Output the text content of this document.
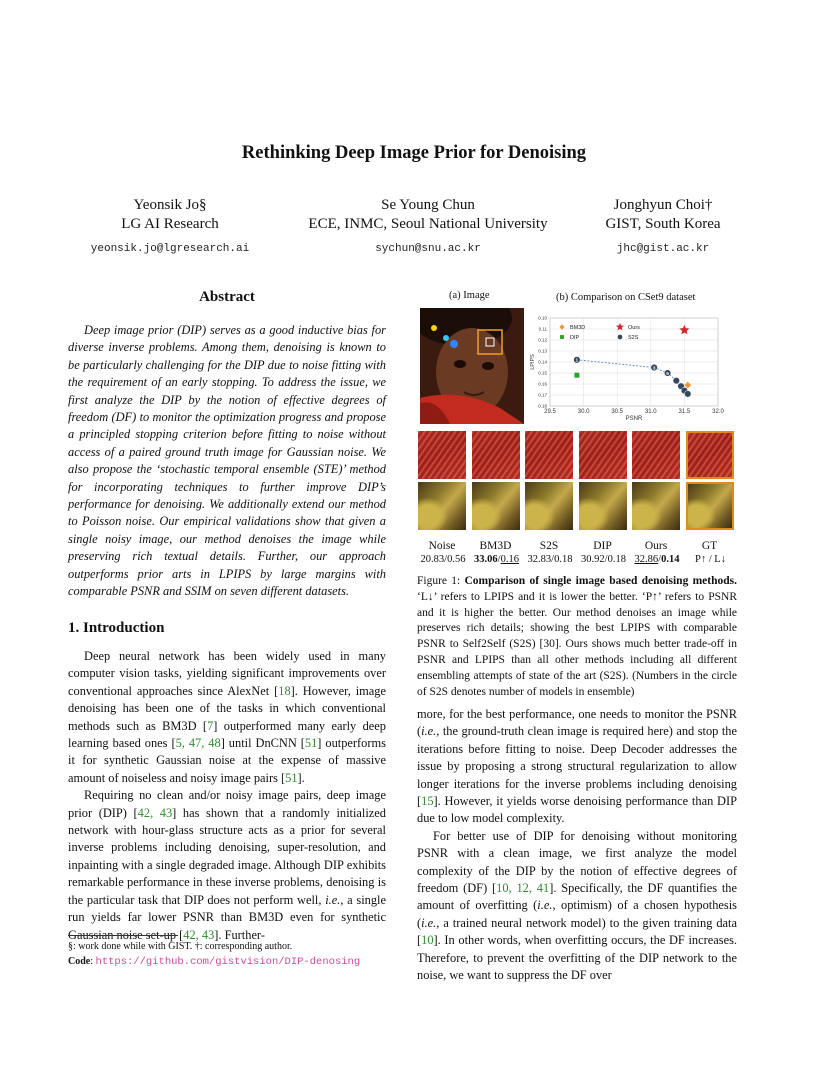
Rethinking Deep Image Prior for Denoising
Yeonsik Jo§
LG AI Research
yeonsik.jo@lgresearch.ai
Se Young Chun
ECE, INMC, Seoul National University
sychun@snu.ac.kr
Jonghyun Choi†
GIST, South Korea
jhc@gist.ac.kr
Abstract

Deep image prior (DIP) serves as a good inductive bias for diverse inverse problems. Among them, denoising is known to be particularly challenging for the DIP due to noise fitting with the requirement of an early stopping. To address the issue, we first analyze the DIP by the notion of effective degrees of freedom (DF) to monitor the optimization progress and propose a principled stopping criterion before fitting to noise without access of a paired ground truth image for Gaussian noise. We also propose the ‘stochastic temporal ensemble (STE)’ method for incorporating techniques to further improve DIP’s performance for denoising. We additionally extend our method to Poisson noise. Our empirical validations show that given a single noisy image, our method denoises the image while preserving rich textual details. Further, our approach outperforms prior arts in LPIPS by large margins with comparable PSNR and SSIM on seven different datasets.

1. Introduction

Deep neural network has been widely used in many computer vision tasks, yielding significant improvements over conventional approaches since AlexNet [18]. However, image denoising has been one of the tasks in which conventional methods such as BM3D [7] outperformed many early deep learning based ones [5, 47, 48] until DnCNN [51] outperforms it for synthetic Gaussian noise at the expense of massive amount of noiseless and noisy image pairs [51].

Requiring no clean and/or noisy image pairs, deep image prior (DIP) [42, 43] has shown that a randomly initialized network with hour-glass structure acts as a prior for several inverse problems including denoising, super-resolution, and inpainting with a single degraded image. Although DIP exhibits remarkable performance in these inverse problems, denoising is the particular task that DIP does not perform well, i.e., a single run yields far lower PSNR than BM3D even for synthetic Gaussian noise set-up [42, 43]. Further-

§: work done while with GIST. †: corresponding author.
Code: https://github.com/gistvision/DIP-denosing
(a) Image	(b) Comparison on CSet9 dataset
0.10
0.11
0.12
0.13
0.14
0.15
0.16
0.17
0.18
29.5	30.0	30.5	31.0	31.5	32.0
PSNR
LPIPS	1
3
5
BM3D	Ours
DIP	S2S
Noise
20.83/0.56
BM3D
33.06/0.16
S2S
32.83/0.18
DIP
30.92/0.18
Ours
32.86/0.14
GT
P↑ / L↓
Figure 1: Comparison of single image based denoising methods. ‘L↓’ refers to LPIPS and it is lower the better. ‘P↑’ refers to PSNR and it is higher the better. Our method denoises an image while preserves rich details; showing the best LPIPS with comparable PSNR to Self2Self (S2S) [30]. Ours shows much better trade-off in PSNR and LPIPS than all other methods including all different ensembling attempts of state of the art (S2S). (Numbers in the circle of S2S denotes number of models in ensemble)

more, for the best performance, one needs to monitor the PSNR (i.e., the ground-truth clean image is required here) and stop the iterations before fitting to noise. Deep Decoder addresses the issue by proposing a strong structural regularization to allow longer iterations for the inverse problems including denoising [15]. However, it yields worse denoising performance than DIP due to low model complexity.

For better use of DIP for denoising without monitoring PSNR with a clean image, we first analyze the model complexity of the DIP by the notion of effective degrees of freedom (DF) [10, 12, 41]. Specifically, the DF quantifies the amount of overfitting (i.e., optimism) of a chosen hypothesis (i.e., a trained neural network model) to the given training data [10]. In other words, when overfitting occurs, the DF increases. Therefore, to prevent the overfitting of the DIP network to the noise, we want to suppress the DF over
